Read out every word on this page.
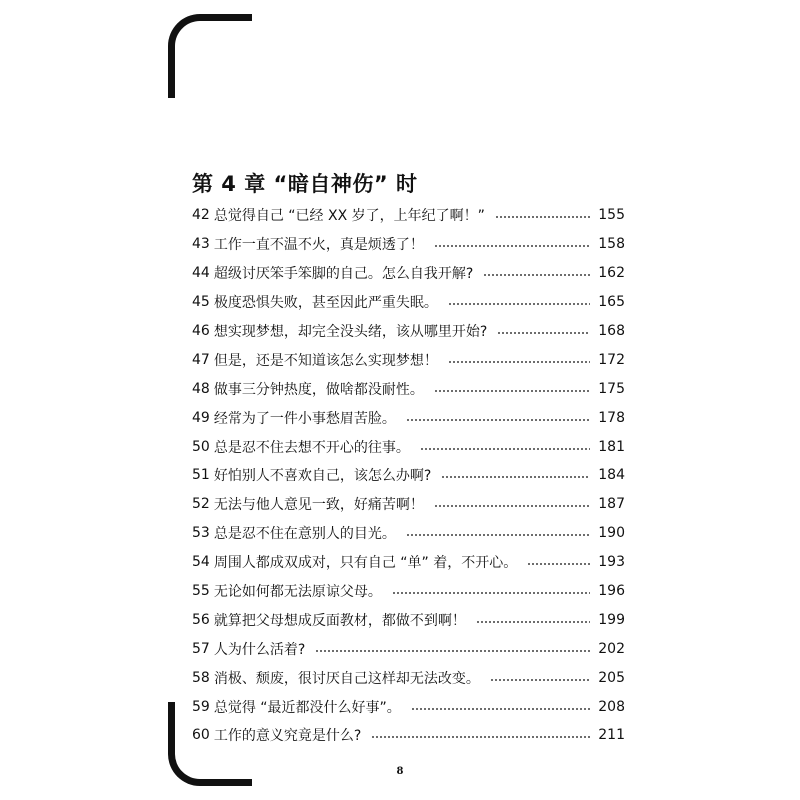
第 4 章 “暗自神伤” 时
42 总觉得自己 “已经 XX 岁了，上年纪了啊！”	155
43 工作一直不温不火，真是烦透了！	158
44 超级讨厌笨手笨脚的自己。怎么自我开解?	162
45 极度恐惧失败，甚至因此严重失眠。	165
46 想实现梦想，却完全没头绪，该从哪里开始?	168
47 但是，还是不知道该怎么实现梦想！	172
48 做事三分钟热度，做啥都没耐性。	175
49 经常为了一件小事愁眉苦脸。	178
50 总是忍不住去想不开心的往事。	181
51 好怕别人不喜欢自己，该怎么办啊?	184
52 无法与他人意见一致，好痛苦啊！	187
53 总是忍不住在意别人的目光。	190
54 周围人都成双成对，只有自己 “单” 着，不开心。	193
55 无论如何都无法原谅父母。	196
56 就算把父母想成反面教材，都做不到啊！	199
57 人为什么活着?	202
58 消极、颓废，很讨厌自己这样却无法改变。	205
59 总觉得 “最近都没什么好事”。	208
60 工作的意义究竟是什么?	211
8
